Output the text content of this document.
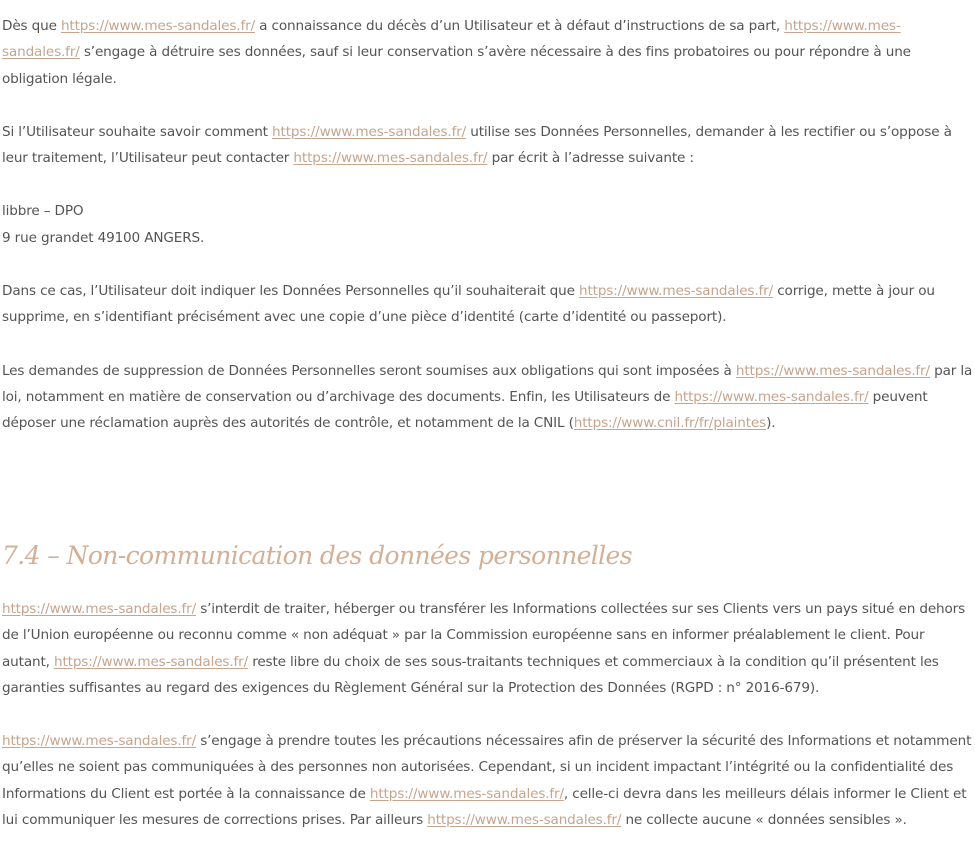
Dès que https://www.mes-sandales.fr/ a connaissance du décès d’un Utilisateur et à défaut d’instructions de sa part, https://www.mes-sandales.fr/ s’engage à détruire ses données, sauf si leur conservation s’avère nécessaire à des fins probatoires ou pour répondre à une obligation légale.

Si l’Utilisateur souhaite savoir comment https://www.mes-sandales.fr/ utilise ses Données Personnelles, demander à les rectifier ou s’oppose à leur traitement, l’Utilisateur peut contacter https://www.mes-sandales.fr/ par écrit à l’adresse suivante :

libbre – DPO
9 rue grandet 49100 ANGERS.

Dans ce cas, l’Utilisateur doit indiquer les Données Personnelles qu’il souhaiterait que https://www.mes-sandales.fr/ corrige, mette à jour ou supprime, en s’identifiant précisément avec une copie d’une pièce d’identité (carte d’identité ou passeport).

Les demandes de suppression de Données Personnelles seront soumises aux obligations qui sont imposées à https://www.mes-sandales.fr/ par la loi, notamment en matière de conservation ou d’archivage des documents. Enfin, les Utilisateurs de https://www.mes-sandales.fr/ peuvent déposer une réclamation auprès des autorités de contrôle, et notamment de la CNIL (https://www.cnil.fr/fr/plaintes).

7.4 – Non-communication des données personnelles

https://www.mes-sandales.fr/ s’interdit de traiter, héberger ou transférer les Informations collectées sur ses Clients vers un pays situé en dehors de l’Union européenne ou reconnu comme « non adéquat » par la Commission européenne sans en informer préalablement le client. Pour autant, https://www.mes-sandales.fr/ reste libre du choix de ses sous-traitants techniques et commerciaux à la condition qu’il présentent les garanties suffisantes au regard des exigences du Règlement Général sur la Protection des Données (RGPD : n° 2016-679).

https://www.mes-sandales.fr/ s’engage à prendre toutes les précautions nécessaires afin de préserver la sécurité des Informations et notamment qu’elles ne soient pas communiquées à des personnes non autorisées. Cependant, si un incident impactant l’intégrité ou la confidentialité des Informations du Client est portée à la connaissance de https://www.mes-sandales.fr/, celle-ci devra dans les meilleurs délais informer le Client et lui communiquer les mesures de corrections prises. Par ailleurs https://www.mes-sandales.fr/ ne collecte aucune « données sensibles ».
